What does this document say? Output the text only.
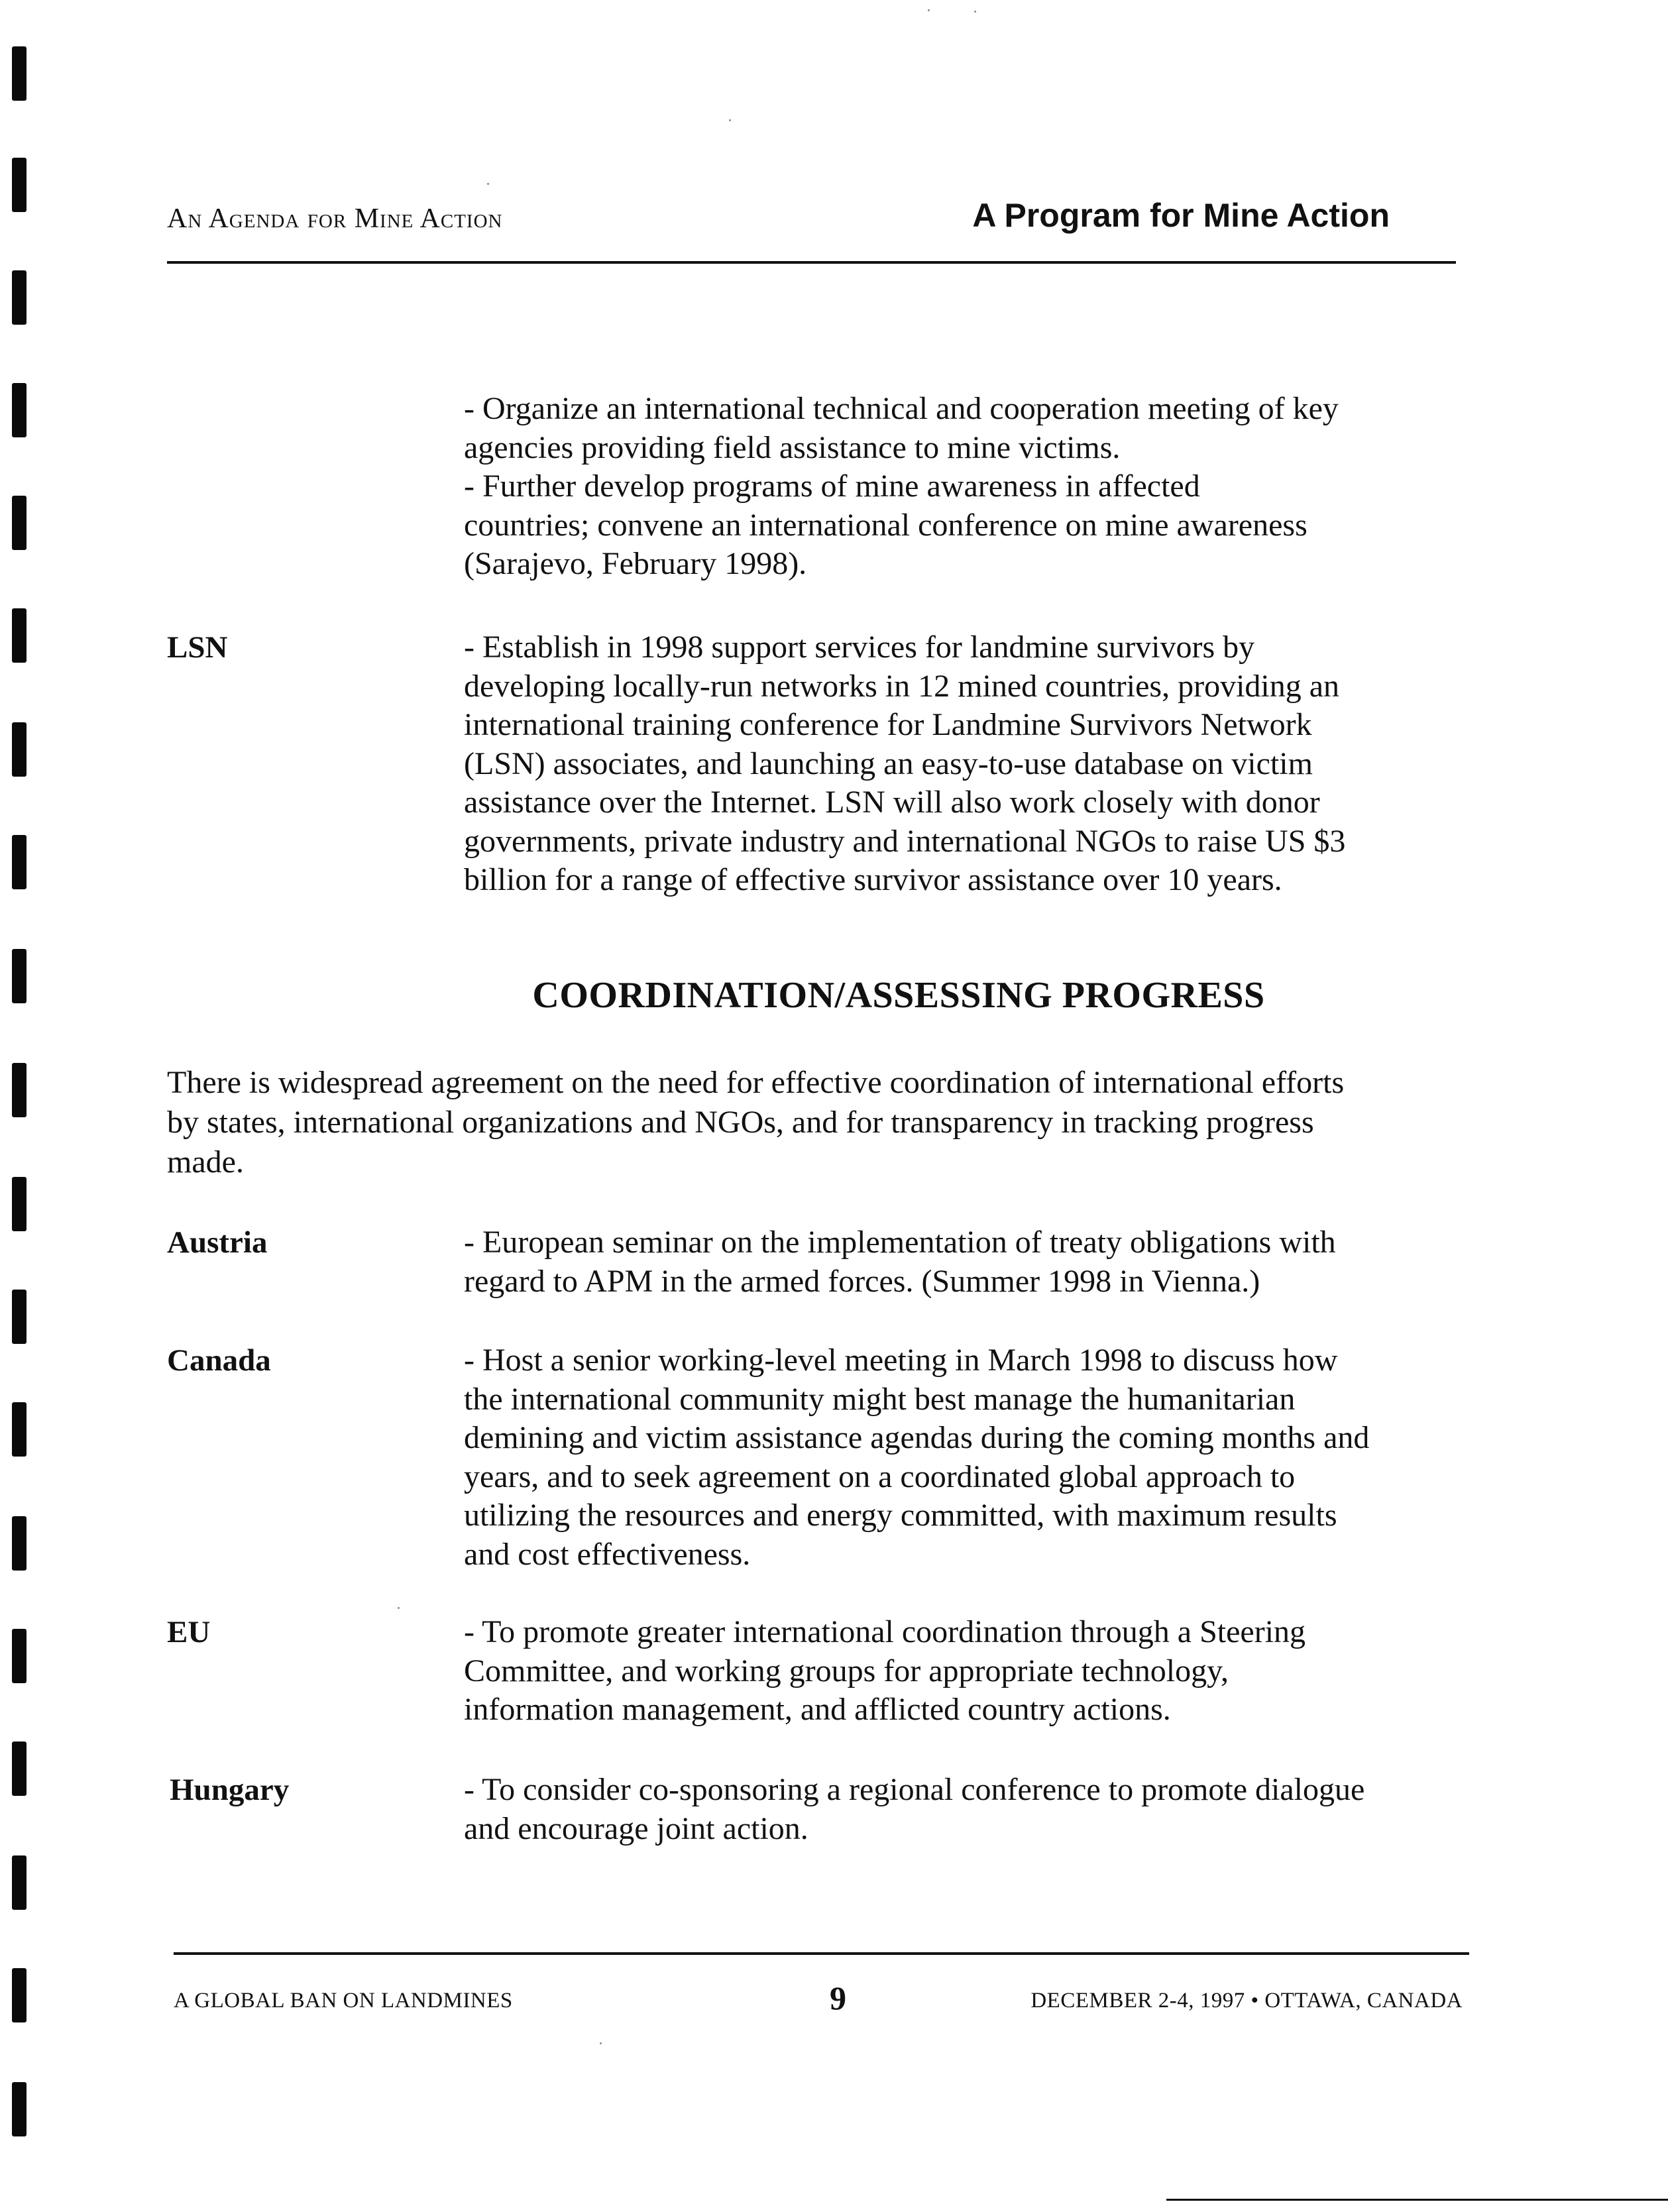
An Agenda for Mine Action	A Program for Mine Action
- Organize an international technical and cooperation meeting of key
agencies providing field assistance to mine victims.
- Further develop programs of mine awareness in affected
countries; convene an international conference on mine awareness
(Sarajevo, February 1998).
LSN	- Establish in 1998 support services for landmine survivors by
developing locally-run networks in 12 mined countries, providing an
international training conference for Landmine Survivors Network
(LSN) associates, and launching an easy-to-use database on victim
assistance over the Internet. LSN will also work closely with donor
governments, private industry and international NGOs to raise US $3
billion for a range of effective survivor assistance over 10 years.
COORDINATION/ASSESSING PROGRESS
There is widespread agreement on the need for effective coordination of international efforts
by states, international organizations and NGOs, and for transparency in tracking progress
made.
Austria	- European seminar on the implementation of treaty obligations with
regard to APM in the armed forces. (Summer 1998 in Vienna.)
Canada	- Host a senior working-level meeting in March 1998 to discuss how
the international community might best manage the humanitarian
demining and victim assistance agendas during the coming months and
years, and to seek agreement on a coordinated global approach to
utilizing the resources and energy committed, with maximum results
and cost effectiveness.
EU	- To promote greater international coordination through a Steering
Committee, and working groups for appropriate technology,
information management, and afflicted country actions.
Hungary	- To consider co-sponsoring a regional conference to promote dialogue
and encourage joint action.
A GLOBAL BAN ON LANDMINES	9	DECEMBER 2-4, 1997 • OTTAWA, CANADA
